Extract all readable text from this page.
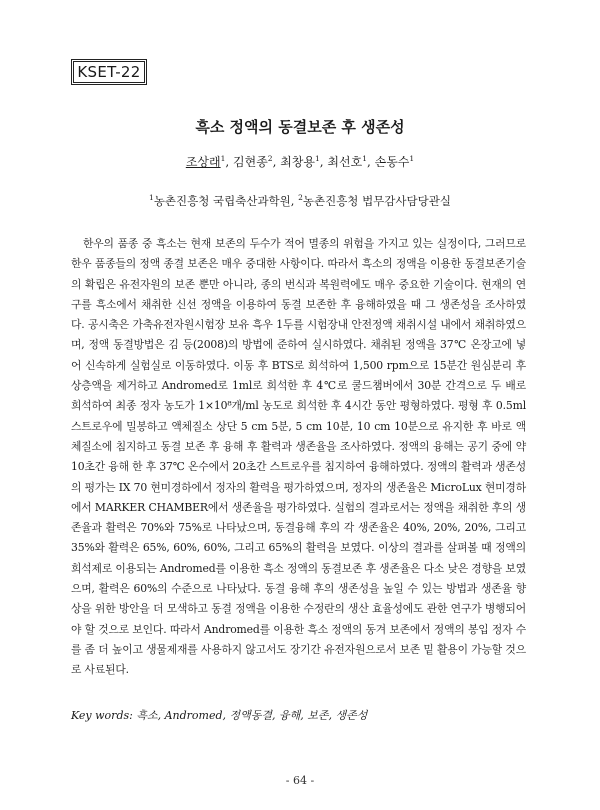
KSET-22
흑소 정액의 동결보존 후 생존성
조상래$^1$, 김현종$^2$, 최창용$^1$, 최선호$^1$, 손동수$^1$
$^1$농촌진흥청 국립축산과학원, $^2$농촌진흥청 법무감사담당관실

한우의 품종 중 흑소는 현재 보존의 두수가 적어 멸종의 위험을 가지고 있는 실정이다, 그러므로 한우 품종들의 정액 종결 보존은 매우 중대한 사항이다. 따라서 흑소의 정액을 이용한 동결보존기술의 확립은 유전자원의 보존 뿐만 아니라, 종의 번식과 복원력에도 매우 중요한 기술이다. 현재의 연구를 흑소에서 채취한 신선 정액을 이용하여 동결 보존한 후 융해하였을 때 그 생존성을 조사하였다. 공시축은 가축유전자원시험장 보유 흑우 1두를 시험장내 안전정액 채취시설 내에서 채취하였으며, 정액 동결방법은 김 등(2008)의 방법에 준하여 실시하였다. 채취된 정액을 37℃ 온장고에 넣어 신속하게 실험실로 이동하였다. 이동 후 BTS로 희석하여 1,500 rpm으로 15분간 원심분리 후 상층액을 제거하고 Andromed로 1ml로 희석한 후 4℃로 쿨드챔버에서 30분 간격으로 두 배로 희석하여 최종 정자 농도가 1×10⁸개/ml 농도로 희석한 후 4시간 동안 평형하였다. 평형 후 0.5ml 스트로우에 밀봉하고 액체질소 상단 5 cm 5분, 5 cm 10분, 10 cm 10분으로 유지한 후 바로 액체질소에 침지하고 동결 보존 후 융해 후 활력과 생존율을 조사하였다. 정액의 융해는 공기 중에 약 10초간 융해 한 후 37℃ 온수에서 20초간 스트로우를 침지하여 융해하였다. 정액의 활력과 생존성의 평가는 IX 70 현미경하에서 정자의 활력을 평가하였으며, 정자의 생존율은 MicroLux 현미경하에서 MARKER CHAMBER에서 생존율을 평가하였다. 실험의 결과로서는 정액을 채취한 후의 생존율과 활력은 70%와 75%로 나타났으며, 동결융해 후의 각 생존율은 40%, 20%, 20%, 그리고 35%와 활력은 65%, 60%, 60%, 그리고 65%의 활력을 보였다. 이상의 결과를 살펴볼 때 정액의 희석제로 이용되는 Andromed를 이용한 흑소 정액의 동결보존 후 생존율은 다소 낮은 경향을 보였으며, 활력은 60%의 수준으로 나타났다. 동결 융해 후의 생존성을 높일 수 있는 방법과 생존율 향상을 위한 방안을 더 모색하고 동결 정액을 이용한 수정란의 생산 효율성에도 관한 연구가 병행되어야 할 것으로 보인다. 따라서 Andromed를 이용한 흑소 정액의 동겨 보존에서 정액의 봉입 정자 수를 좀 더 높이고 생물제재를 사용하지 않고서도 장기간 유전자원으로서 보존 밑 활용이 가능할 것으로 사료된다.

Key words: 흑소, Andromed, 정액동결, 융해, 보존, 생존성
- 64 -
